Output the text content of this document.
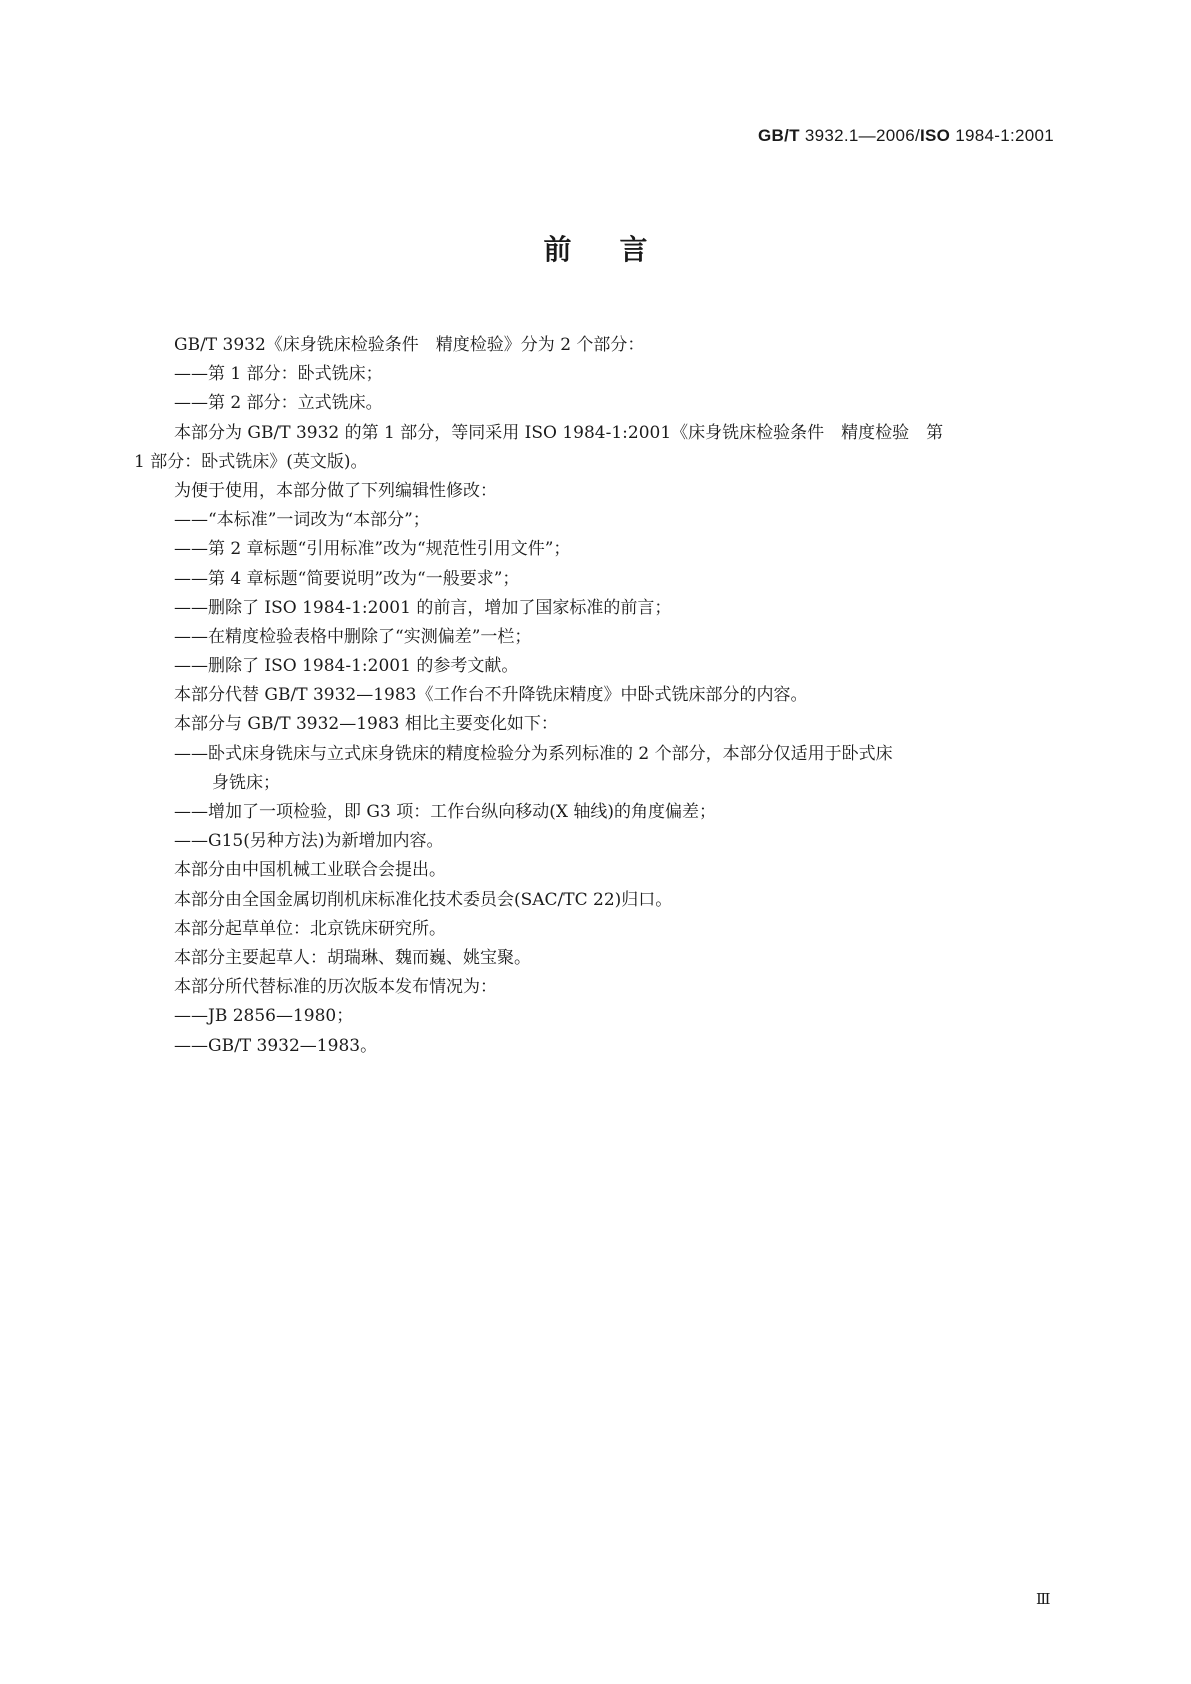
GB/T 3932.1—2006/ISO 1984-1:2001
前言
GB/T 3932《床身铣床检验条件　精度检验》分为 2 个部分：
——第 1 部分：卧式铣床；
——第 2 部分：立式铣床。
本部分为 GB/T 3932 的第 1 部分，等同采用 ISO 1984-1:2001《床身铣床检验条件　精度检验　第
1 部分：卧式铣床》(英文版)。
为便于使用，本部分做了下列编辑性修改：
——“本标准”一词改为“本部分”；
——第 2 章标题“引用标准”改为“规范性引用文件”；
——第 4 章标题“简要说明”改为“一般要求”；
——删除了 ISO 1984-1:2001 的前言，增加了国家标准的前言；
——在精度检验表格中删除了“实测偏差”一栏；
——删除了 ISO 1984-1:2001 的参考文献。
本部分代替 GB/T 3932—1983《工作台不升降铣床精度》中卧式铣床部分的内容。
本部分与 GB/T 3932—1983 相比主要变化如下：
——卧式床身铣床与立式床身铣床的精度检验分为系列标准的 2 个部分，本部分仅适用于卧式床
身铣床；
——增加了一项检验，即 G3 项：工作台纵向移动(X 轴线)的角度偏差；
——G15(另种方法)为新增加内容。
本部分由中国机械工业联合会提出。
本部分由全国金属切削机床标准化技术委员会(SAC/TC 22)归口。
本部分起草单位：北京铣床研究所。
本部分主要起草人：胡瑞琳、魏而巍、姚宝聚。
本部分所代替标准的历次版本发布情况为：
——JB 2856—1980；
——GB/T 3932—1983。
Ⅲ
